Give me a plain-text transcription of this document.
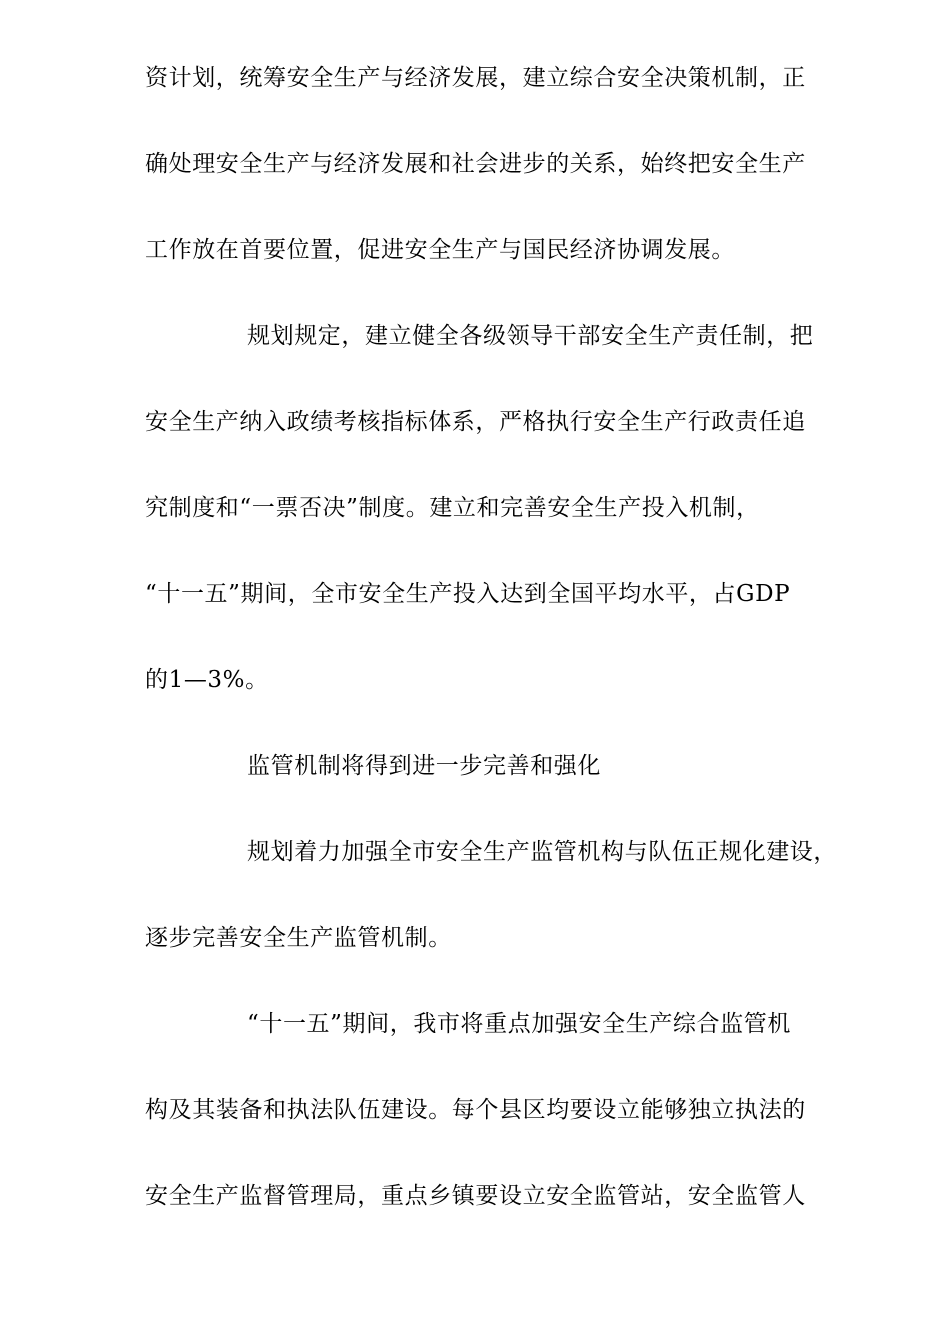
资计划，统筹安全生产与经济发展，建立综合安全决策机制，正
确处理安全生产与经济发展和社会进步的关系，始终把安全生产
工作放在首要位置，促进安全生产与国民经济协调发展。
规划规定，建立健全各级领导干部安全生产责任制，把
安全生产纳入政绩考核指标体系，严格执行安全生产行政责任追
究制度和“一票否决”制度。建立和完善安全生产投入机制，
“十一五”期间，全市安全生产投入达到全国平均水平，占GDP
的1—3%。
监管机制将得到进一步完善和强化
规划着力加强全市安全生产监管机构与队伍正规化建设，
逐步完善安全生产监管机制。
“十一五”期间，我市将重点加强安全生产综合监管机
构及其装备和执法队伍建设。每个县区均要设立能够独立执法的
安全生产监督管理局，重点乡镇要设立安全监管站，安全监管人
